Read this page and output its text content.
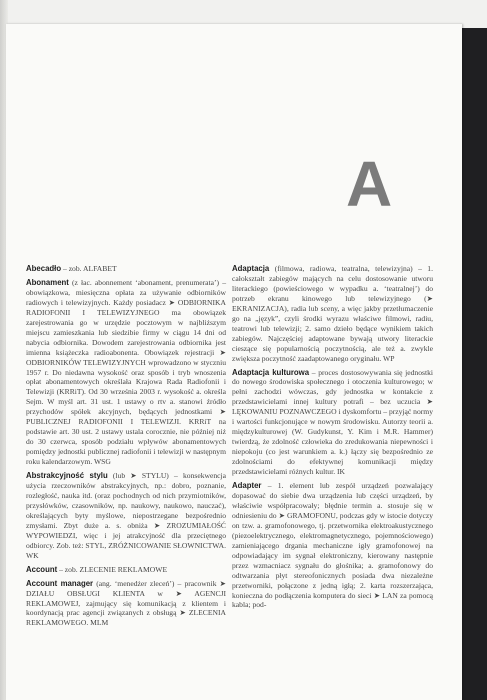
A

Abecadło – zob. ALFABET

Abonament (z łac. abonnement ‘abonament, prenumerata’) – obowiązkowa, miesięczna opłata za używanie odbiorników radiowych i telewizyjnych. Każdy posiadacz ➤ ODBIORNIKA RADIOFONII I TELEWIZYJNEGO ma obowiązek zarejestrowania go w urzędzie pocztowym w najbliższym miejscu zamieszkania lub siedzibie firmy w ciągu 14 dni od nabycia odbiornika. Dowodem zarejestrowania odbiornika jest imienna książeczka radioabonenta. Obowiązek rejestracji ➤ ODBIORNIKÓW TELEWIZYJNYCH wprowadzono w styczniu 1957 r. Do niedawna wysokość oraz sposób i tryb wnoszenia opłat abonamentowych określała Krajowa Rada Radiofonii i Telewizji (KRRiT). Od 30 września 2003 r. wysokość a. określa Sejm. W myśl art. 31 ust. 1 ustawy o rtv a. stanowi źródło przychodów spółek akcyjnych, będących jednostkami ➤ PUBLICZNEJ RADIOFONII I TELEWIZJI. KRRiT na podstawie art. 30 ust. 2 ustawy ustala corocznie, nie później niż do 30 czerwca, sposób podziału wpływów abonamentowych pomiędzy jednostki publicznej radiofonii i telewizji w następnym roku kalendarzowym. WSG

Abstrakcyjność stylu (lub ➤ STYLU) – konsekwencja użycia rzeczowników abstrakcyjnych, np.: dobro, poznanie, rozległość, nauka itd. (oraz pochodnych od nich przymiotników, przysłówków, czasowników, np. naukowy, naukowo, nauczać), określających byty myślowe, niepostrzegane bezpośrednio zmysłami. Zbyt duże a. s. obniża ➤ ZROZUMIAŁOŚĆ WYPOWIEDZI, więc i jej atrakcyjność dla przeciętnego odbiorcy. Zob. też: STYL, ZRÓŻNICOWANIE SŁOWNICTWA. WK

Account – zob. ZLECENIE REKLAMOWE

Account manager (ang. ‘menedżer zleceń’) – pracownik ➤ DZIAŁU OBSŁUGI KLIENTA w ➤ AGENCJI REKLAMOWEJ, zajmujący się komunikacją z klientem i koordynacją prac agencji związanych z obsługą ➤ ZLECENIA REKLAMOWEGO. MLM

Adaptacja (filmowa, radiowa, teatralna, telewizyjna) – 1. całokształt zabiegów mających na celu dostosowanie utworu literackiego (powieściowego w wypadku a. ‘teatralnej’) do potrzeb ekranu kinowego lub telewizyjnego (➤ EKRANIZACJA), radia lub sceny, a więc jakby przetłumaczenie go na „język”, czyli środki wyrazu właściwe filmowi, radiu, teatrowi lub telewizji; 2. samo dzieło będące wynikiem takich zabiegów. Najczęściej adaptowane bywają utwory literackie cieszące się popularnością poczytnością, ale też a. zwykle zwiększa poczytność zaadaptowanego oryginału. WP

Adaptacja kulturowa – proces dostosowywania się jednostki do nowego środowiska społecznego i otoczenia kulturowego; w pełni zachodzi wówczas, gdy jednostka w kontakcie z przedstawicielami innej kultury potrafi – bez uczucia ➤ LĘKOWANIU POZNAWCZEGO i dyskomfortu – przyjąć normy i wartości funkcjonujące w nowym środowisku. Autorzy teorii a. międzykulturowej (W. Gudykunst, Y. Kim i M.R. Hammer) twierdzą, że zdolność człowieka do zredukowania niepewności i niepokoju (co jest warunkiem a. k.) łączy się bezpośrednio ze zdolnościami do efektywnej komunikacji między przedstawicielami różnych kultur. IK

Adapter – 1. element lub zespół urządzeń pozwalający dopasować do siebie dwa urządzenia lub części urządzeń, by właściwie współpracowały; błędnie termin a. stosuje się w odniesieniu do ➤ GRAMOFONU, podczas gdy w istocie dotyczy on tzw. a. gramofonowego, tj. przetwornika elektroakustycznego (piezoelektrycznego, elektromagnetycznego, pojemnościowego) zamieniającego drgania mechaniczne igły gramofonowej na odpowiadający im sygnał elektroniczny, kierowany następnie przez wzmacniacz sygnału do głośnika; a. gramofonowy do odtwarzania płyt stereofonicznych posiada dwa niezależne przetworniki, połączone z jedną igłą; 2. karta rozszerzająca, konieczna do podłączenia komputera do sieci ➤ LAN za pomocą kabla; pod-
